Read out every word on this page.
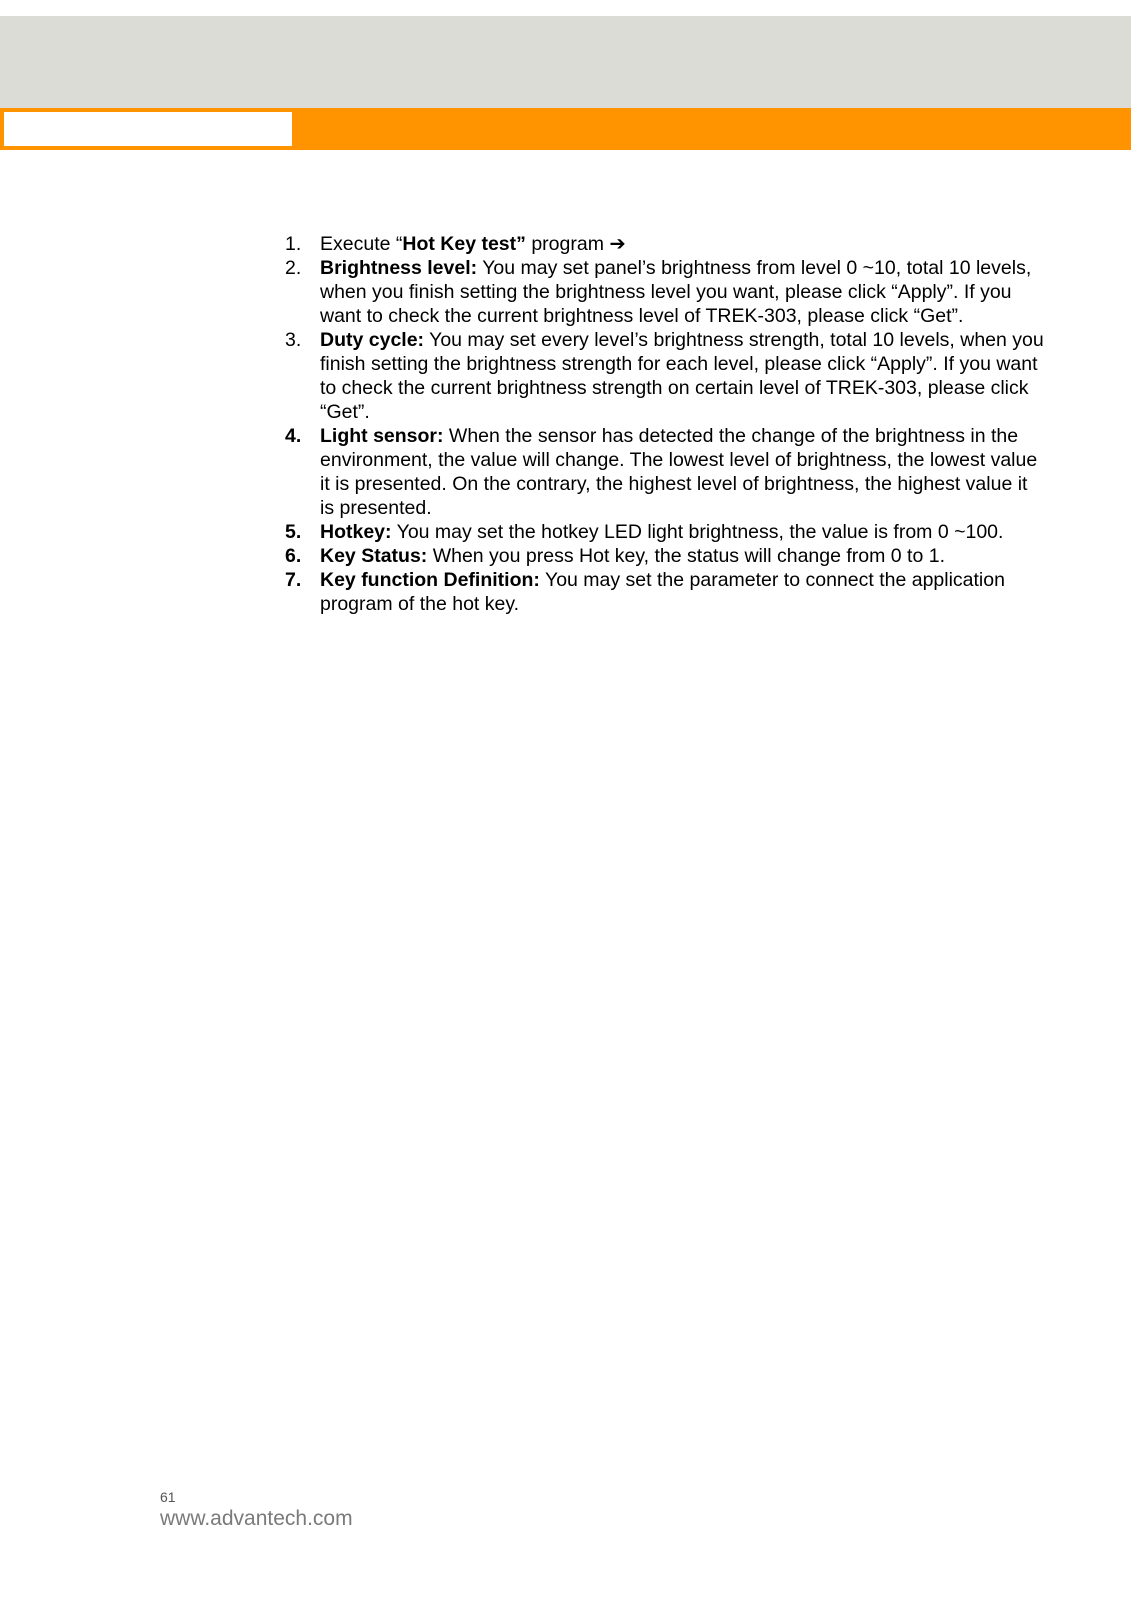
1. Execute “Hot Key test” program ➔
2. Brightness level: You may set panel’s brightness from level 0 ~10, total 10 levels, when you finish setting the brightness level you want, please click “Apply”. If you want to check the current brightness level of TREK-303, please click “Get”.
3. Duty cycle: You may set every level’s brightness strength, total 10 levels, when you finish setting the brightness strength for each level, please click “Apply”. If you want to check the current brightness strength on certain level of TREK-303, please click “Get”.
4. Light sensor: When the sensor has detected the change of the brightness in the environment, the value will change. The lowest level of brightness, the lowest value it is presented. On the contrary, the highest level of brightness, the highest value it is presented.
5. Hotkey: You may set the hotkey LED light brightness, the value is from 0 ~100.
6. Key Status: When you press Hot key, the status will change from 0 to 1.
7. Key function Definition: You may set the parameter to connect the application program of the hot key.
61
www.advantech.com
